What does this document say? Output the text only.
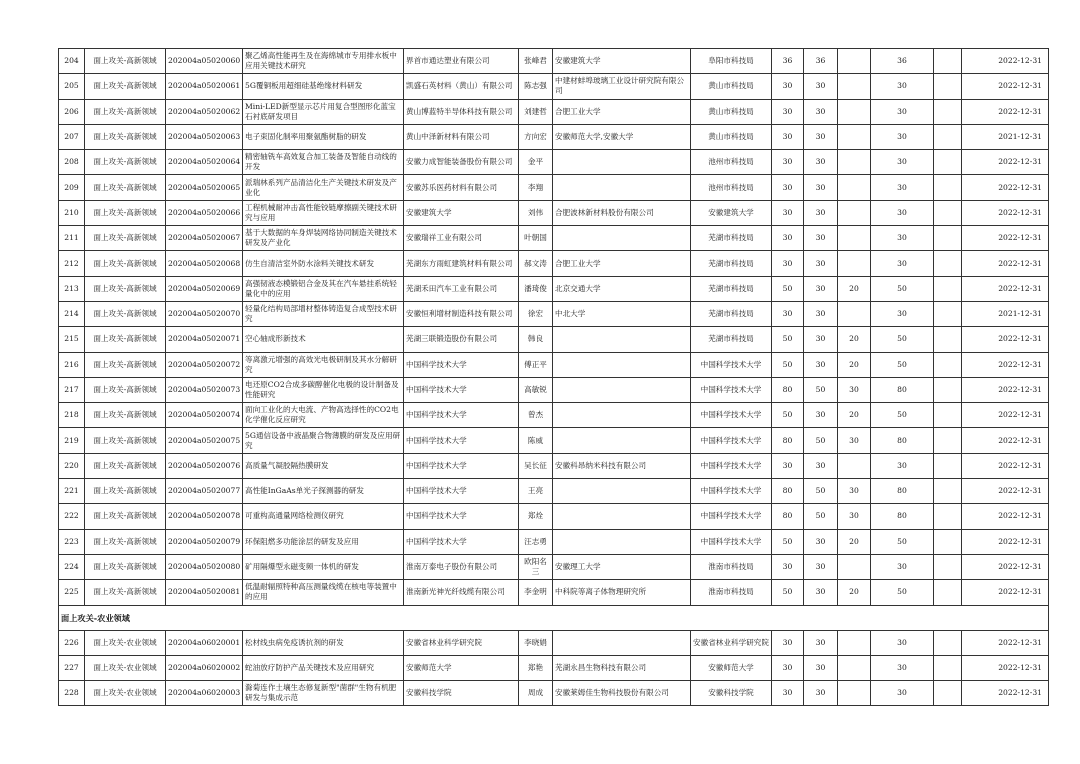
204	面上攻关-高新领域	202004a05020060	聚乙烯高性能再生及在海绵城市专用排水板中应用关键技术研究	界首市通达塑业有限公司	张峰君	安徽建筑大学	阜阳市科技局	36	36		36		2022-12-31
205	面上攻关-高新领域	202004a05020061	5G覆铜板用超细硅基绝缘材料研发	凯盛石英材料（黄山）有限公司	陈志强	中建材蚌埠玻璃工业设计研究院有限公司	黄山市科技局	30	30		30		2022-12-31
206	面上攻关-高新领域	202004a05020062	Mini-LED新型显示芯片用复合型图形化蓝宝石衬底研发项目	黄山博蓝特半导体科技有限公司	刘建哲	合肥工业大学	黄山市科技局	30	30		30		2022-12-31
207	面上攻关-高新领域	202004a05020063	电子束固化制率用聚氨酯树脂的研发	黄山中泽新材料有限公司	方向宏	安徽师范大学,安徽大学	黄山市科技局	30	30		30		2021-12-31
208	面上攻关-高新领域	202004a05020064	精密轴铣车高效复合加工装备及智能自动线的开发	安徽力成智能装备股份有限公司	金平		池州市科技局	30	30		30		2022-12-31
209	面上攻关-高新领域	202004a05020065	派瑞林系列产品清洁化生产关键技术研发及产业化	安徽苏乐医药材料有限公司	李翔		池州市科技局	30	30		30		2022-12-31
210	面上攻关-高新领域	202004a05020066	工程机械耐冲击高性能铰链摩擦副关键技术研究与应用	安徽建筑大学	刘伟	合肥波林新材料股份有限公司	安徽建筑大学	30	30		30		2022-12-31
211	面上攻关-高新领域	202004a05020067	基于大数据的车身焊装网络协同制造关键技术研发及产业化	安徽瑞祥工业有限公司	叶朝国		芜湖市科技局	30	30		30		2022-12-31
212	面上攻关-高新领域	202004a05020068	仿生自清洁室外防水涂料关键技术研发	芜湖东方雨虹建筑材料有限公司	郝文涛	合肥工业大学	芜湖市科技局	30	30		30		2022-12-31
213	面上攻关-高新领域	202004a05020069	高强韧液态模锻铝合金及其在汽车悬挂系统轻量化中的应用	芜湖禾田汽车工业有限公司	潘琦俊	北京交通大学	芜湖市科技局	50	30	20	50		2022-12-31
214	面上攻关-高新领域	202004a05020070	轻量化结构局部增材整体铸造复合成型技术研究	安徽恒利增材制造科技有限公司	徐宏	中北大学	芜湖市科技局	30	30		30		2021-12-31
215	面上攻关-高新领域	202004a05020071	空心轴成形新技术	芜湖三联锻造股份有限公司	韩良		芜湖市科技局	50	30	20	50		2022-12-31
216	面上攻关-高新领域	202004a05020072	等离激元增强的高效光电极研制及其水分解研究	中国科学技术大学	傅正平		中国科学技术大学	50	30	20	50		2022-12-31
217	面上攻关-高新领域	202004a05020073	电还原CO2合成多碳醇催化电极的设计制备及性能研究	中国科学技术大学	高敏锐		中国科学技术大学	80	50	30	80		2022-12-31
218	面上攻关-高新领域	202004a05020074	面向工业化的大电流、产物高选择性的CO2电化学催化反应研究	中国科学技术大学	曾杰		中国科学技术大学	50	30	20	50		2022-12-31
219	面上攻关-高新领域	202004a05020075	5G通信设备中液晶聚合物薄膜的研发及应用研究	中国科学技术大学	陈威		中国科学技术大学	80	50	30	80		2022-12-31
220	面上攻关-高新领域	202004a05020076	高质量气凝胶隔热膜研发	中国科学技术大学	吴长征	安徽科昂纳米科技有限公司	中国科学技术大学	30	30		30		2022-12-31
221	面上攻关-高新领域	202004a05020077	高性能InGaAs单光子探测器的研发	中国科学技术大学	王亮		中国科学技术大学	80	50	30	80		2022-12-31
222	面上攻关-高新领域	202004a05020078	可重构高通量网络检测仪研究	中国科学技术大学	郑烇		中国科学技术大学	80	50	30	80		2022-12-31
223	面上攻关-高新领域	202004a05020079	环保阻燃多功能涂层的研发及应用	中国科学技术大学	汪志勇		中国科学技术大学	50	30	20	50		2022-12-31
224	面上攻关-高新领域	202004a05020080	矿用隔爆型永磁变频一体机的研发	淮南万泰电子股份有限公司	欧阳名三	安徽理工大学	淮南市科技局	30	30		30		2022-12-31
225	面上攻关-高新领域	202004a05020081	低温耐辐照特种高压测量线缆在核电等装置中的应用	淮南新光神光纤线缆有限公司	李金明	中科院等离子体物理研究所	淮南市科技局	50	30	20	50		2022-12-31
面上攻关-农业领域													
226	面上攻关-农业领域	202004a06020001	松材线虫病免疫诱抗剂的研发	安徽省林业科学研究院	李晓娟		安徽省林业科学研究院	30	30		30		2022-12-31
227	面上攻关-农业领域	202004a06020002	蛇油放疗防护产品关键技术及应用研究	安徽师范大学	郑艳	芜湖永昌生物科技有限公司	安徽师范大学	30	30		30		2022-12-31
228	面上攻关-农业领域	202004a06020003	滁菊连作土壤生态修复新型"菌群"生物有机肥研发与集成示范	安徽科技学院	周成	安徽莱姆佳生物科技股份有限公司	安徽科技学院	30	30		30		2022-12-31
